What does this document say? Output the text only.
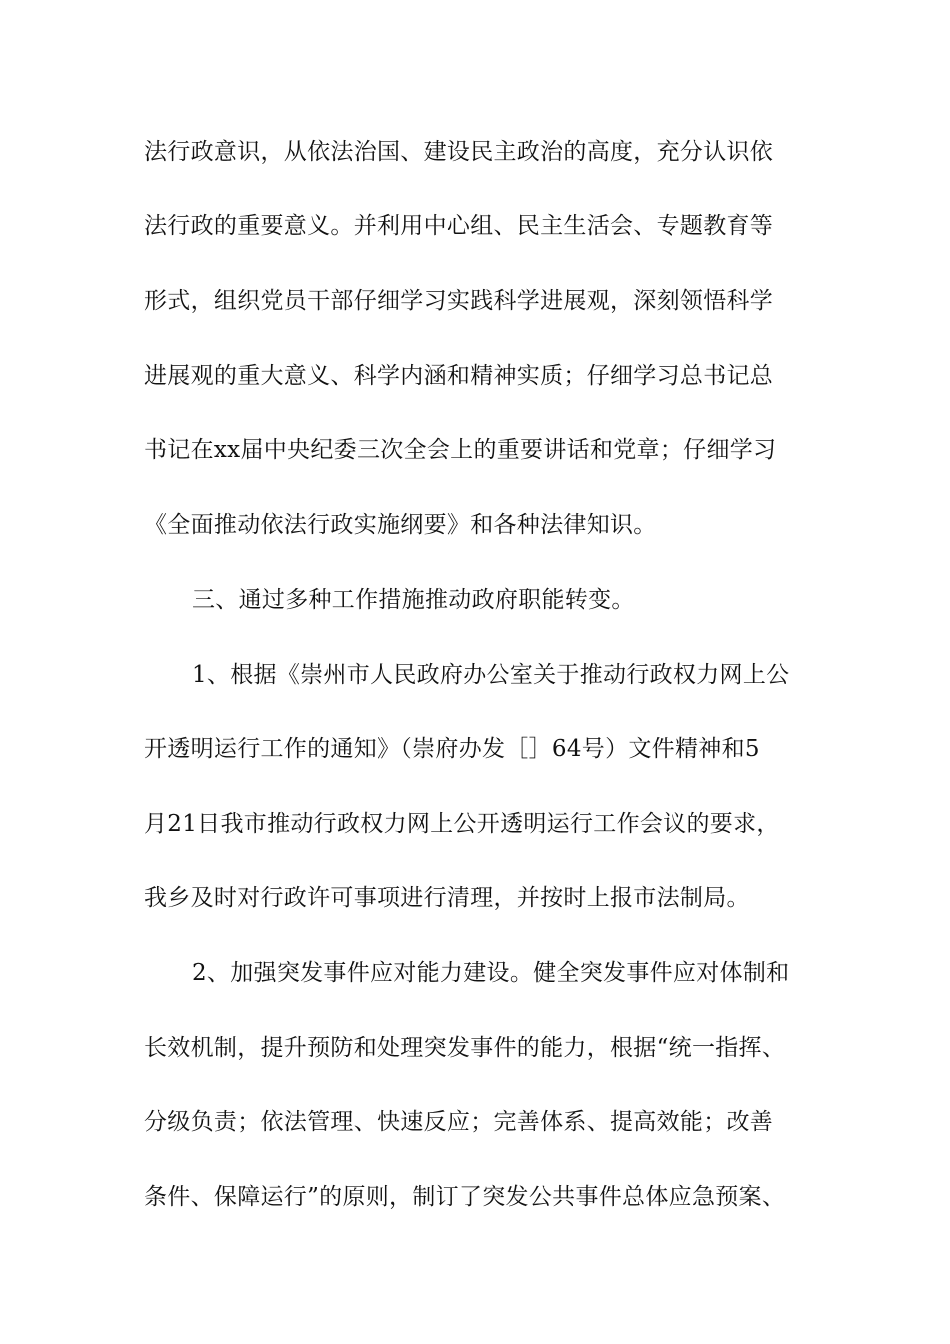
法行政意识，从依法治国、建设民主政治的高度，充分认识依
法行政的重要意义。并利用中心组、民主生活会、专题教育等
形式，组织党员干部仔细学习实践科学进展观，深刻领悟科学
进展观的重大意义、科学内涵和精神实质；仔细学习总书记总
书记在xx届中央纪委三次全会上的重要讲话和党章；仔细学习
《全面推动依法行政实施纲要》和各种法律知识。
三、通过多种工作措施推动政府职能转变。
1、根据《崇州市人民政府办公室关于推动行政权力网上公
开透明运行工作的通知》（崇府办发［］64号）文件精神和5
月21日我市推动行政权力网上公开透明运行工作会议的要求，
我乡及时对行政许可事项进行清理，并按时上报市法制局。
2、加强突发事件应对能力建设。健全突发事件应对体制和
长效机制，提升预防和处理突发事件的能力，根据“统一指挥、
分级负责；依法管理、快速反应；完善体系、提高效能；改善
条件、保障运行”的原则，制订了突发公共事件总体应急预案、
